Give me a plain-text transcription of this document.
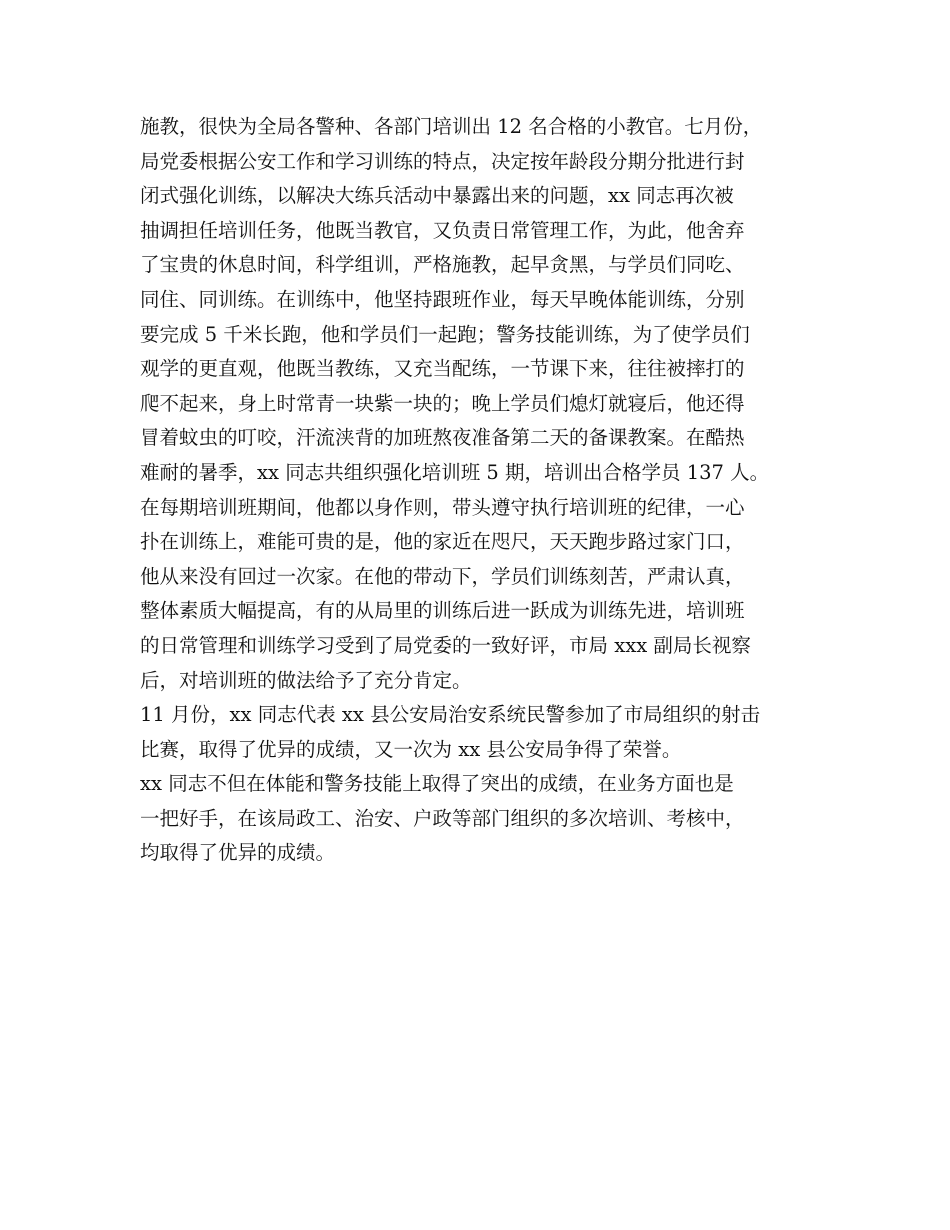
施教，很快为全局各警种、各部门培训出 12 名合格的小教官。七月份，
局党委根据公安工作和学习训练的特点，决定按年龄段分期分批进行封
闭式强化训练，以解决大练兵活动中暴露出来的问题，xx 同志再次被
抽调担任培训任务，他既当教官，又负责日常管理工作，为此，他舍弃
了宝贵的休息时间，科学组训，严格施教，起早贪黑，与学员们同吃、
同住、同训练。在训练中，他坚持跟班作业，每天早晚体能训练，分别
要完成 5 千米长跑，他和学员们一起跑；警务技能训练，为了使学员们
观学的更直观，他既当教练，又充当配练，一节课下来，往往被摔打的
爬不起来，身上时常青一块紫一块的；晚上学员们熄灯就寝后，他还得
冒着蚊虫的叮咬，汗流浃背的加班熬夜准备第二天的备课教案。在酷热
难耐的暑季，xx 同志共组织强化培训班 5 期，培训出合格学员 137 人。
在每期培训班期间，他都以身作则，带头遵守执行培训班的纪律，一心
扑在训练上，难能可贵的是，他的家近在咫尺，天天跑步路过家门口，
他从来没有回过一次家。在他的带动下，学员们训练刻苦，严肃认真，
整体素质大幅提高，有的从局里的训练后进一跃成为训练先进，培训班
的日常管理和训练学习受到了局党委的一致好评，市局 xxx 副局长视察
后，对培训班的做法给予了充分肯定。
11 月份，xx 同志代表 xx 县公安局治安系统民警参加了市局组织的射击
比赛，取得了优异的成绩，又一次为 xx 县公安局争得了荣誉。
xx 同志不但在体能和警务技能上取得了突出的成绩，在业务方面也是
一把好手，在该局政工、治安、户政等部门组织的多次培训、考核中，
均取得了优异的成绩。
